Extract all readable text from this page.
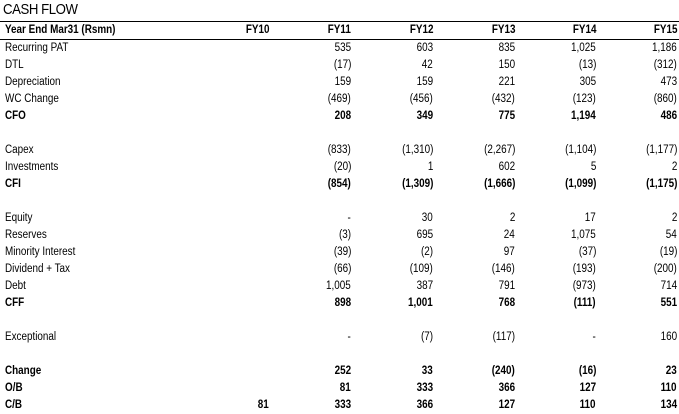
CASH FLOW
Year End Mar31 (Rsmn)	FY10	FY11	FY12	FY13	FY14	FY15
Recurring PAT		535	603	835	1,025	1,186
DTL		(17)	42	150	(13)	(312)
Depreciation		159	159	221	305	473
WC Change		(469)	(456)	(432)	(123)	(860)
CFO		208	349	775	1,194	486

Capex		(833)	(1,310)	(2,267)	(1,104)	(1,177)
Investments		(20)	1	602	5	2
CFI		(854)	(1,309)	(1,666)	(1,099)	(1,175)

Equity		-	30	2	17	2
Reserves		(3)	695	24	1,075	54
Minority Interest		(39)	(2)	97	(37)	(19)
Dividend + Tax		(66)	(109)	(146)	(193)	(200)
Debt		1,005	387	791	(973)	714
CFF		898	1,001	768	(111)	551

Exceptional		-	(7)	(117)	-	160

Change		252	33	(240)	(16)	23
O/B		81	333	366	127	110
C/B	81	333	366	127	110	134
